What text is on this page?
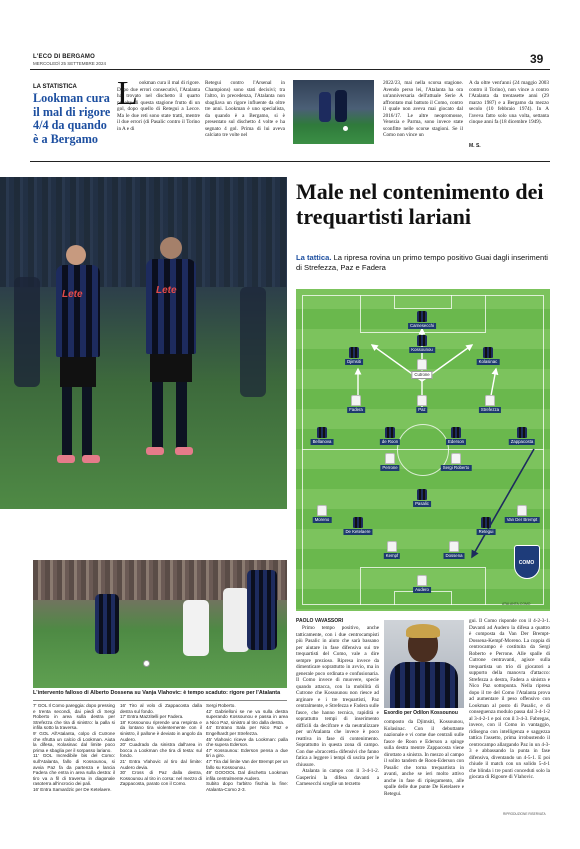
L'ECO DI BERGAMO
MERCOLEDÌ 25 SETTEMBRE 2024	39
LA STATISTICA
Lookman cura il mal di rigore 4/4 da quando è a Bergamo
L ookman cura il mal di rigore. Dopo due errori consecutivi, l'Atalanta ha trovato nel dischetto il quarto penalty di questa stagione frutto di un gol, dopo quello di Retegui a Lecce. Ma le due reti sono state tratti, mentre il due errori (di Pasalic contro il Torino in A e di
Retegui contro l'Arsenal in Champions) sono stati decisivi; tra l'altro, in precedenza, l'Atalanta non sbagliava un rigore influente da oltre tre anni. Lookman è uno specialista, da quando è a Bergamo, si è presentato sul dischetto 4 volte e ha segnato 4 gol. Prima di lui aveva calciato tre volte nel
2022/23, mai nella scorsa stagione. Avendo perso lei, l'Atalanta ha ora un'anniversaria dell'attuale Serie A affrontato mai battuto il Como, contro il quale non aveva mai giocato dal 2016/17. Le altre neopromosse, Venezia e Parma, sono invece state sconfitte nelle scorse stagioni. Se il Como non vince un
A da oltre vent'anni (24 maggio 2003 contro il Torino), non vince a contro l'Atalanta da trentasette anni (29 marzo 1987) e a Bergamo da mezzo secolo (10 febbraio 1974). In A l'aveva fatto solo una volta, settanta cinque anni fa (18 dicembre 1949).
M. S.
Lete	Lete
Male nel contenimento dei trequartisti lariani
La tattica. La ripresa rovina un primo tempo positivo Guai dagli inserimenti di Strefezza, Paz e Fadera
Carnesecchi
Kossounou
Djimsiti	Kolasinac
Cutrone
Fadera	Paz	Strefezza
Bellanova	de Roon	Ederson	Zappacosta
Perrone	Sergi Roberto
Pasalic
Moreno	Van Der Brempt
De Ketelaere	Retegui
Kempf	Dossena
Audero
COMO
ATALANTA-COMO
L'intervento falloso di Alberto Dossena su Vanja Vlahovic: è tempo scaduto: rigore per l'Atalanta

7' GOL Il Como pareggia: dopo pressing e trenta secondi, dai piedi di Sergi Roberto in area sulla destra per Strefezza che tira di sinistro: la palla si infila sotto la traversa.

9' GOL All'Atalanta, colpo di Cutrone che sfrutta un calcio di Lookman. Aiuta la difesa, Kolasinac dal limite poco prima e sbaglia per il sorpasso lariano.

11' GOL Incredibile bis del Como: sull'Atalanta, fallo di Kossounou, si avvia Paz fa da partenza e lancia Fadera che entra in area sulla destra: il tiro va a fil di traversa in diagonale rasoterra all'incrocio dei pali.

16' Entra Samardzic per De Ketelaere.

16' Tiro al volo di Zappacosta dalla destra sul fondo.

17' Entra Mazzitelli per Fadera.

18' Kossounou riprende una respinta e da lontano tira violentemente con il sinistro, il pallone è deviato in angolo da Audero.

20' Cuadrado da sinistra dall'area in bocca a Lookman che tira di testa: sul fondo.

21' Entra Vlahovic al tiro dal limite: Audero devia.

30' Cross di Paz dalla destra, Kossounou al tiro in corsa: nel mezzo di Zappacosta, parato con il Como.

Sergi Roberto.

42' Gabrielloni se ne va sulla destra superando Kossounou e passa in area a Nico Paz, sinistro al tiro dalla destra.

44' Entrano Sala per Nico Paz e Engelhardt per Strefezza.

45' Vlahovic riceve da Lookman: palla che supera Ederson.

47' Kossounou: Ederson pensa a due tiri a giro.

47' Tira dal limite Van der Brempt per un fallo su Kossounou.

49' GOOOOL Dal dischetto Lookman infila centralmente Audero.

Subito dopo l'arbitro fischia la fine: Atalanta-Como 2-3.

PAOLO VAVASSORI

Primo tempo positivo, anche tatticamente, con i due centrocampisti più Pasalic in aiuto che sarà bassano per aiutare in fase difensiva sui tre trequartisti del Como, vale a dire sempre prezioso. Ripresa invece da dimenticare soprattutto in avvio, ma in generale poco ordinata e confusionaria. Il Como invece di muovere, specie quando attacca, con la mobilità di Cutrone che Kossounou non riesce ad arginare e i tre trequartisti, Paz centralmente, e Strefezza e Fadera sulle fasce, che hanno tecnica, rapidità e soprattutto tempi di inserimento difficili da decifrare e da neutralizzare per un'Atalanta che invece è poco reattiva in fase di contenimento. Soprattutto in questa zona di campo. Con due «braccetti» difensivi che fanno fatica a leggere i tempi di uscita per le chiusure.

Atalanta in campo con il 3-4-1-2. Gasperini la difesa davanti a Carnesecchi sceglie un terzetto

Esordio per Odilon Kossounou
composto da Djimsiti, Kossounou, Kolasinac. Con il debuttante nazionale e vi come due centrali sulle fasce de Roon e Ederson a spinge sulla destra mentre Zappacosta viene dirottato a sinistra. In mezzo al campo il solito tandem de Roon-Ederson con Pasalic che torna trequartista in avanti, anche se ieri molto attivo anche in fase di ripiegamento, alle spalle delle due punte De Ketelaere e Retegui.
gui. Il Como risponde con il 4-2-3-1. Davanti ad Audero la difesa a quattro è composta da Van Der Brempt-Dossena-Kempf-Moreno. La coppia di centrocampo è costituita da Sergi Roberto e Perrone. Alle spalle di Cutrone centravanti, agisce sulla trequartista un trio di giocatori a supporto della manovra d'attacco: Strefezza a destra, Fadera a sinistra e Nico Paz sottopunta. Nella ripresa dopo il tre del Como l'Atalanta prova ad aumentare il peso offensivo con Lookman al posto di Pasalic, e di conseguenza modulo passa dal 3-4-1-2 al 3-4-2-1 e poi con il 3-4-3. Fabregas, invece, con il Como in vantaggio, ridisegna con intelligenza e saggezza tattica l'assetto, prima irrobustendo il centrocampo allargando Paz in un 4-3-3 e abbassando la punta in fase difensiva, diventando un 4-5-1. E poi chiude il match con un solido 5-4-1 che blinda i tre punti conceduti solo la giocata di Rigoore di Vlahovic.
RIPRODUZIONE RISERVATA
